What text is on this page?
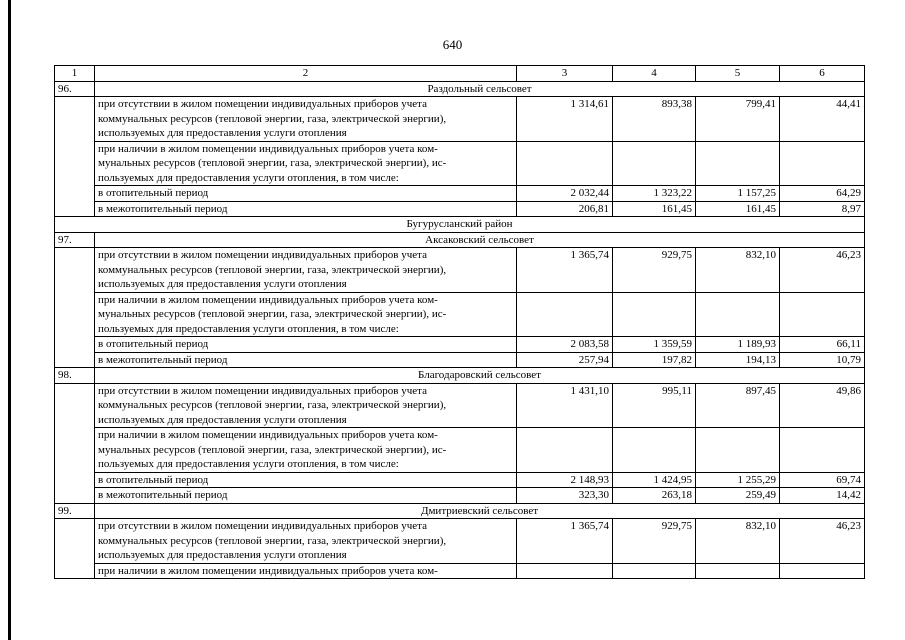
640
1	2	3	4	5	6
96.	Раздольный сельсовет				

	при отсутствии в жилом помещении индивидуальных приборов учета
коммунальных ресурсов (тепловой энергии, газа, электрической энергии),
используемых для предоставления услуги отопления	1 314,61	893,38	799,41	44,41

	при наличии в жилом помещении индивидуальных приборов учета ком-
мунальных ресурсов (тепловой энергии, газа, электрической энергии), ис-
пользуемых для предоставления услуги отопления, в том числе:				

	в отопительный период	2 032,44	1 323,22	1 157,25	64,29
	в межотопительный период	206,81	161,45	161,45	8,97
Бугурусланский район					
97.	Аксаковский сельсовет				

	при отсутствии в жилом помещении индивидуальных приборов учета
коммунальных ресурсов (тепловой энергии, газа, электрической энергии),
используемых для предоставления услуги отопления	1 365,74	929,75	832,10	46,23

	при наличии в жилом помещении индивидуальных приборов учета ком-
мунальных ресурсов (тепловой энергии, газа, электрической энергии), ис-
пользуемых для предоставления услуги отопления, в том числе:				

	в отопительный период	2 083,58	1 359,59	1 189,93	66,11
	в межотопительный период	257,94	197,82	194,13	10,79
98.	Благодаровский сельсовет				

	при отсутствии в жилом помещении индивидуальных приборов учета
коммунальных ресурсов (тепловой энергии, газа, электрической энергии),
используемых для предоставления услуги отопления	1 431,10	995,11	897,45	49,86

	при наличии в жилом помещении индивидуальных приборов учета ком-
мунальных ресурсов (тепловой энергии, газа, электрической энергии), ис-
пользуемых для предоставления услуги отопления, в том числе:				

	в отопительный период	2 148,93	1 424,95	1 255,29	69,74
	в межотопительный период	323,30	263,18	259,49	14,42
99.	Дмитриевский сельсовет				

	при отсутствии в жилом помещении индивидуальных приборов учета
коммунальных ресурсов (тепловой энергии, газа, электрической энергии),
используемых для предоставления услуги отопления	1 365,74	929,75	832,10	46,23

	при наличии в жилом помещении индивидуальных приборов учета ком-				
